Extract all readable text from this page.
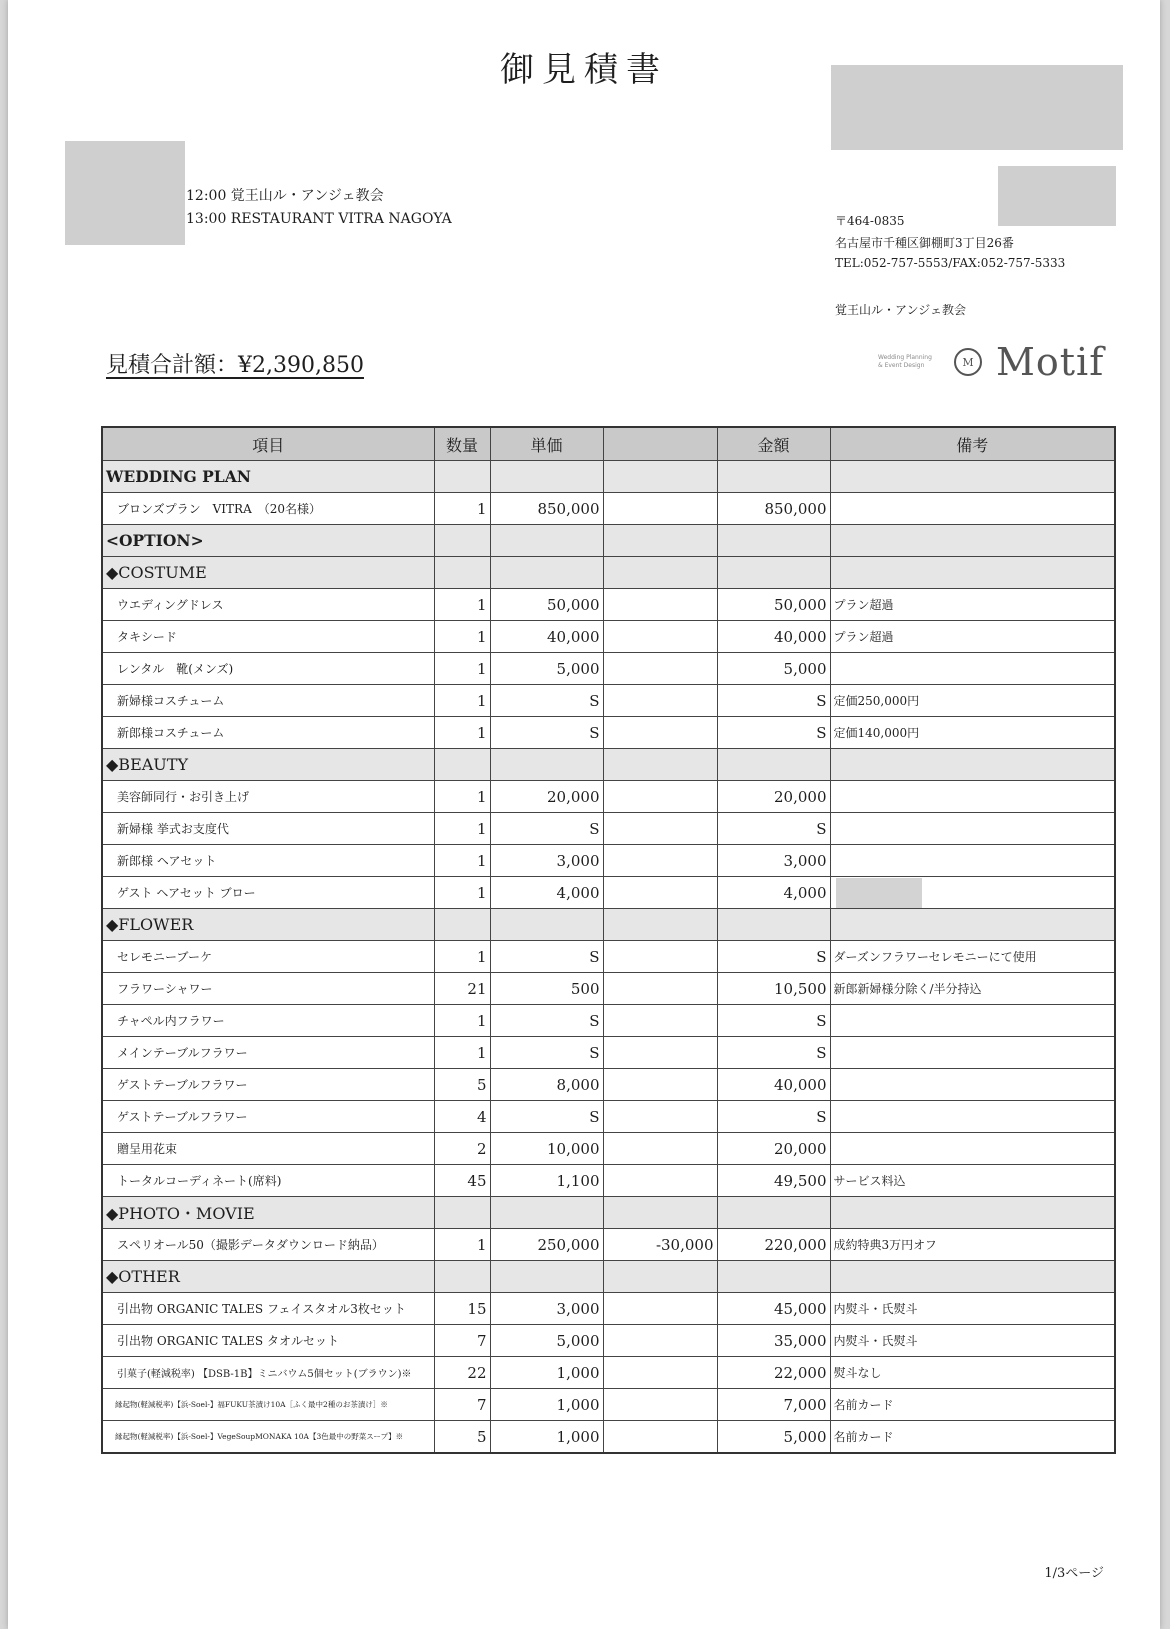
御見積書
12:00 覚王山ル・アンジェ教会
13:00 RESTAURANT VITRA NAGOYA	〒464-0835
名古屋市千種区御棚町3丁目26番
TEL:052-757-5553/FAX:052-757-5333
覚王山ル・アンジェ教会
見積合計額：¥2,390,850	Wedding Planning
& Event Design	M Motif
項目	数量	単価		金額	備考
WEDDING PLAN					
ブロンズプラン　VITRA　（20名様）	1	850,000		850,000	
<OPTION>					
◆COSTUME					
ウエディングドレス	1	50,000		50,000	プラン超過
タキシード	1	40,000		40,000	プラン超過
レンタル　靴(メンズ)	1	5,000		5,000	
新婦様コスチューム	1	S		S	定価250,000円
新郎様コスチューム	1	S		S	定価140,000円
◆BEAUTY					
美容師同行・お引き上げ	1	20,000		20,000	
新婦様 挙式お支度代	1	S		S	
新郎様 ヘアセット	1	3,000		3,000	
ゲスト ヘアセット ブロー	1	4,000		4,000	
◆FLOWER					
セレモニーブーケ	1	S		S	ダーズンフラワーセレモニーにて使用
フラワーシャワー	21	500		10,500	新郎新婦様分除く/半分持込
チャペル内フラワー	1	S		S	
メインテーブルフラワー	1	S		S	
ゲストテーブルフラワー	5	8,000		40,000	
ゲストテーブルフラワー	4	S		S	
贈呈用花束	2	10,000		20,000	
トータルコーディネート(席料)	45	1,100		49,500	サービス料込
◆PHOTO・MOVIE					
スペリオール50（撮影データダウンロード納品）	1	250,000	-30,000	220,000	成約特典3万円オフ
◆OTHER					
引出物 ORGANIC TALES フェイスタオル3枚セット	15	3,000		45,000	内熨斗・氏熨斗
引出物 ORGANIC TALES タオルセット	7	5,000		35,000	内熨斗・氏熨斗
引菓子(軽減税率) 【DSB-1B】ミニバウム5個セット(ブラウン)※	22	1,000		22,000	熨斗なし
縁起物(軽減税率)【浜-Soel-】福FUKU茶漬け10A［ふく最中2種のお茶漬け］※	7	1,000		7,000	名前カード
縁起物(軽減税率)【浜-Soel-】VegeSoupMONAKA 10A【3色最中の野菜スープ】※	5	1,000		5,000	名前カード
1/3ページ
